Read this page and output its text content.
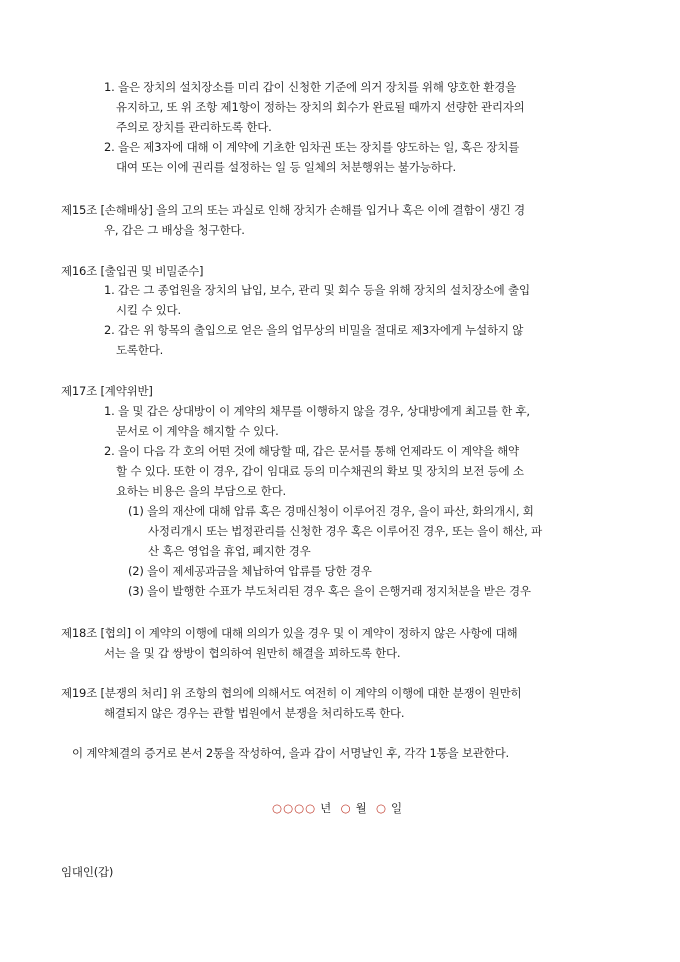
1. 을은 장치의 설치장소를 미리 갑이 신청한 기준에 의거 장치를 위해 양호한 환경을
유지하고, 또 위 조항 제1항이 정하는 장치의 회수가 완료될 때까지 선량한 관리자의
주의로 장치를 관리하도록 한다.
2. 을은 제3자에 대해 이 계약에 기초한 임차권 또는 장치를 양도하는 일, 혹은 장치를
대여 또는 이에 권리를 설정하는 일 등 일체의 처분행위는 불가능하다.
제15조 [손해배상] 을의 고의 또는 과실로 인해 장치가 손해를 입거나 혹은 이에 결함이 생긴 경
우, 갑은 그 배상을 청구한다.
제16조 [출입권 및 비밀준수]
1. 갑은 그 종업원을 장치의 납입, 보수, 관리 및 회수 등을 위해 장치의 설치장소에 출입
시킬 수 있다.
2. 갑은 위 항목의 출입으로 얻은 을의 업무상의 비밀을 절대로 제3자에게 누설하지 않
도록한다.
제17조 [계약위반]
1. 을 및 갑은 상대방이 이 계약의 채무를 이행하지 않을 경우, 상대방에게 최고를 한 후,
문서로 이 계약을 해지할 수 있다.
2. 을이 다음 각 호의 어떤 것에 해당할 때, 갑은 문서를 통해 언제라도 이 계약을 해약
할 수 있다. 또한 이 경우, 갑이 임대료 등의 미수채권의 확보 및 장치의 보전 등에 소
요하는 비용은 을의 부담으로 한다.
(1) 을의 재산에 대해 압류 혹은 경매신청이 이루어진 경우, 을이 파산, 화의개시, 회
사정리개시 또는 법정관리를 신청한 경우 혹은 이루어진 경우, 또는 을이 해산, 파
산 혹은 영업을 휴업, 폐지한 경우
(2) 을이 제세공과금을 체납하여 압류를 당한 경우
(3) 을이 발행한 수표가 부도처리된 경우 혹은 을이 은행거래 정지처분을 받은 경우
제18조 [협의] 이 계약의 이행에 대해 의의가 있을 경우 및 이 계약이 정하지 않은 사항에 대해
서는 을 및 갑 쌍방이 협의하여 원만히 해결을 꾀하도록 한다.
제19조 [분쟁의 처리] 위 조항의 협의에 의해서도 여전히 이 계약의 이행에 대한 분쟁이 원만히
해결되지 않은 경우는 관할 법원에서 분쟁을 처리하도록 한다.
이 계약체결의 증거로 본서 2통을 작성하여, 을과 갑이 서명날인 후, 각각 1통을 보관한다.
○○○○ 년 ○ 월 ○ 일
임대인(갑)
